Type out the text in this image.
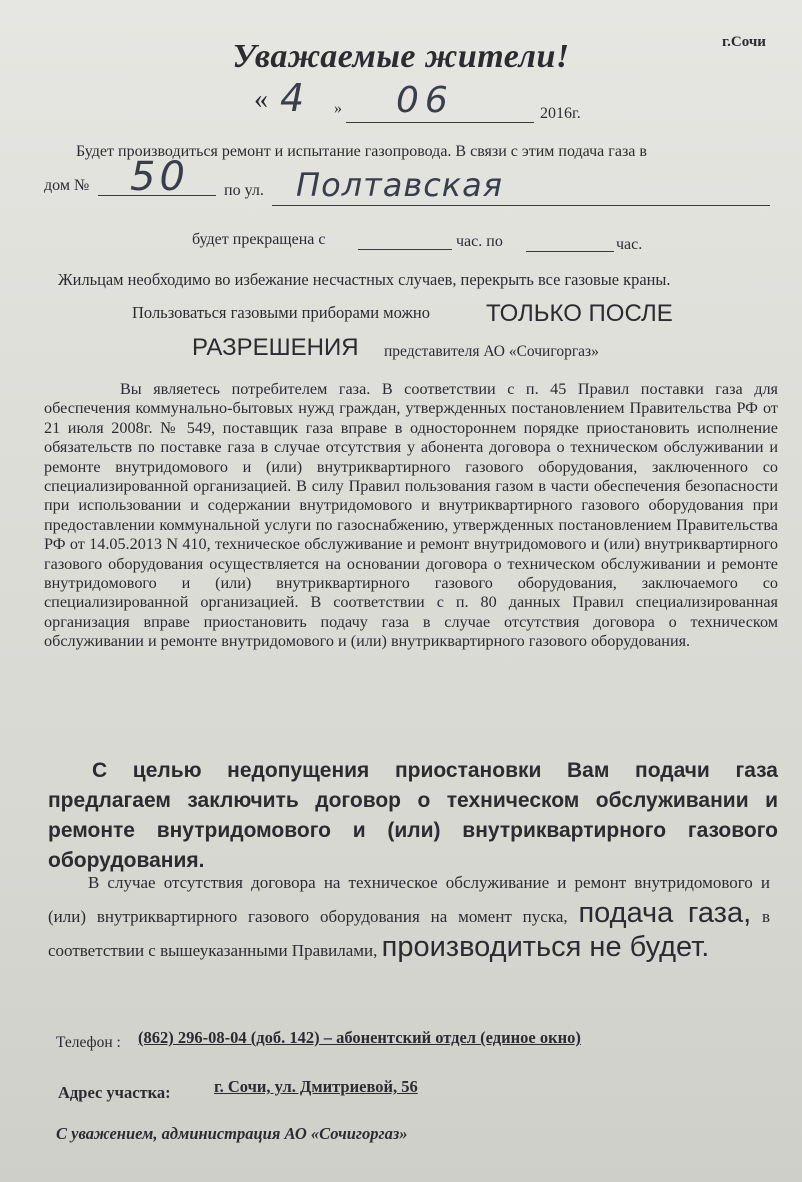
г.Сочи
Уважаемые жители!
« 4 » 06	2016г.
Будет производиться ремонт и испытание газопровода. В связи с этим подача газа в
дом № 50 по ул. Полтавская
будет прекращена с	час. по	час.
Жильцам необходимо во избежание несчастных случаев, перекрыть все газовые краны.
Пользоваться газовыми приборами можно ТОЛЬКО ПОСЛЕ
РАЗРЕШЕНИЯ представителя АО «Сочигоргаз»
Вы являетесь потребителем газа. В соответствии с п. 45 Правил поставки газа для обеспечения коммунально-бытовых нужд граждан, утвержденных постановлением Правительства РФ от 21 июля 2008г. № 549, поставщик газа вправе в одностороннем порядке приостановить исполнение обязательств по поставке газа в случае отсутствия у абонента договора о техническом обслуживании и ремонте внутридомового и (или) внутриквартирного газового оборудования, заключенного со специализированной организацией. В силу Правил пользования газом в части обеспечения безопасности при использовании и содержании внутридомового и внутриквартирного газового оборудования при предоставлении коммунальной услуги по газоснабжению, утвержденных постановлением Правительства РФ от 14.05.2013 N 410, техническое обслуживание и ремонт внутридомового и (или) внутриквартирного газового оборудования осуществляется на основании договора о техническом обслуживании и ремонте внутридомового и (или) внутриквартирного газового оборудования, заключаемого со специализированной организацией. В соответствии с п. 80 данных Правил специализированная организация вправе приостановить подачу газа в случае отсутствия договора о техническом обслуживании и ремонте внутридомового и (или) внутриквартирного газового оборудования.
С целью недопущения приостановки Вам подачи газа предлагаем заключить договор о техническом обслуживании и ремонте внутридомового и (или) внутриквартирного газового оборудования.
В случае отсутствия договора на техническое обслуживание и ремонт внутридомового и (или) внутриквартирного газового оборудования на момент пуска, подача газа, в соответствии с вышеуказанными Правилами, производиться не будет.
Телефон : (862) 296-08-04 (доб. 142) – абонентский отдел (единое окно)
Адрес участка:	г. Сочи, ул. Дмитриевой, 56
С уважением, администрация АО «Сочигоргаз»
